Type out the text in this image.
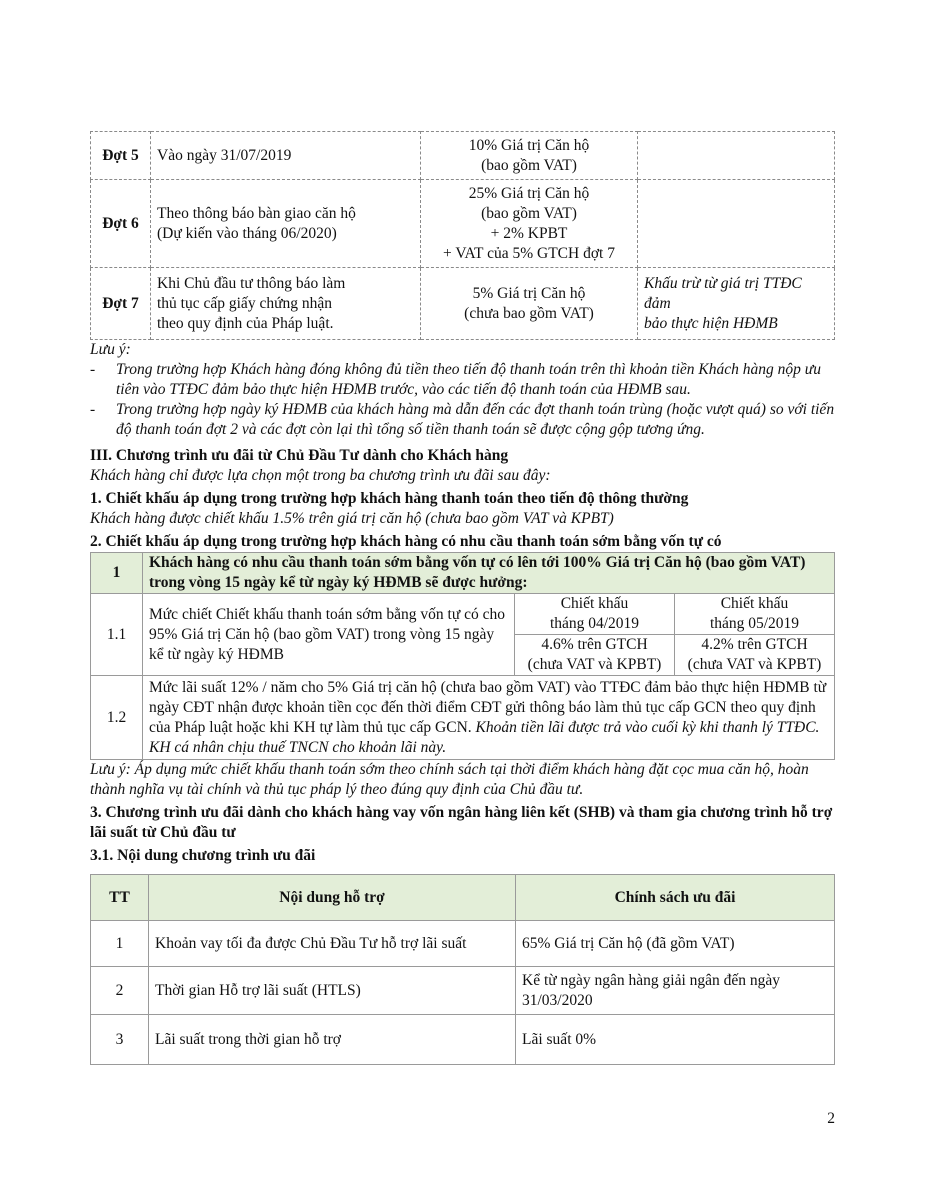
Đợt 5	Vào ngày 31/07/2019	10% Giá trị Căn hộ
(bao gồm VAT)	
Đợt 6	Theo thông báo bàn giao căn hộ
(Dự kiến vào tháng 06/2020)	25% Giá trị Căn hộ
(bao gồm VAT)
+ 2% KPBT
+ VAT của 5% GTCH đợt 7	
Đợt 7	Khi Chủ đầu tư thông báo làm
thủ tục cấp giấy chứng nhận
theo quy định của Pháp luật.	5% Giá trị Căn hộ
(chưa bao gồm VAT)	Khấu trừ từ giá trị TTĐC đảm
bảo thực hiện HĐMB

Lưu ý:

-	Trong trường hợp Khách hàng đóng không đủ tiền theo tiến độ thanh toán trên thì khoản tiền Khách hàng nộp ưu tiên vào TTĐC đảm bảo thực hiện HĐMB trước, vào các tiến độ thanh toán của HĐMB sau.
-	Trong trường hợp ngày ký HĐMB của khách hàng mà dẫn đến các đợt thanh toán trùng (hoặc vượt quá) so với tiến độ thanh toán đợt 2 và các đợt còn lại thì tổng số tiền thanh toán sẽ được cộng gộp tương ứng.

III. Chương trình ưu đãi từ Chủ Đầu Tư dành cho Khách hàng

Khách hàng chỉ được lựa chọn một trong ba chương trình ưu đãi sau đây:

1. Chiết khấu áp dụng trong trường hợp khách hàng thanh toán theo tiến độ thông thường

Khách hàng được chiết khấu 1.5% trên giá trị căn hộ (chưa bao gồm VAT và KPBT)

2. Chiết khấu áp dụng trong trường hợp khách hàng có nhu cầu thanh toán sớm bằng vốn tự có

1	Khách hàng có nhu cầu thanh toán sớm bằng vốn tự có lên tới 100% Giá trị Căn hộ (bao gồm VAT) trong vòng 15 ngày kể từ ngày ký HĐMB sẽ được hưởng:		
1.1	Mức chiết Chiết khấu thanh toán sớm bằng vốn tự có cho 95% Giá trị Căn hộ (bao gồm VAT) trong vòng 15 ngày kể từ ngày ký HĐMB	Chiết khấu
tháng 04/2019	Chiết khấu
tháng 05/2019
		4.6% trên GTCH
(chưa VAT và KPBT)	4.2% trên GTCH
(chưa VAT và KPBT)
1.2	Mức lãi suất 12% / năm cho 5% Giá trị căn hộ (chưa bao gồm VAT) vào TTĐC đảm bảo thực hiện HĐMB từ ngày CĐT nhận được khoản tiền cọc đến thời điểm CĐT gửi thông báo làm thủ tục cấp GCN theo quy định của Pháp luật hoặc khi KH tự làm thủ tục cấp GCN. Khoản tiền lãi được trả vào cuối kỳ khi thanh lý TTĐC. KH cá nhân chịu thuế TNCN cho khoản lãi này.		

Lưu ý: Áp dụng mức chiết khấu thanh toán sớm theo chính sách tại thời điểm khách hàng đặt cọc mua căn hộ, hoàn thành nghĩa vụ tài chính và thủ tục pháp lý theo đúng quy định của Chủ đầu tư.

3. Chương trình ưu đãi dành cho khách hàng vay vốn ngân hàng liên kết (SHB) và tham gia chương trình hỗ trợ lãi suất từ Chủ đầu tư

3.1. Nội dung chương trình ưu đãi

TT	Nội dung hỗ trợ	Chính sách ưu đãi
1	Khoản vay tối đa được Chủ Đầu Tư hỗ trợ lãi suất	65% Giá trị Căn hộ (đã gồm VAT)
2	Thời gian Hỗ trợ lãi suất (HTLS)	Kể từ ngày ngân hàng giải ngân đến ngày 31/03/2020
3	Lãi suất trong thời gian hỗ trợ	Lãi suất 0%
2
